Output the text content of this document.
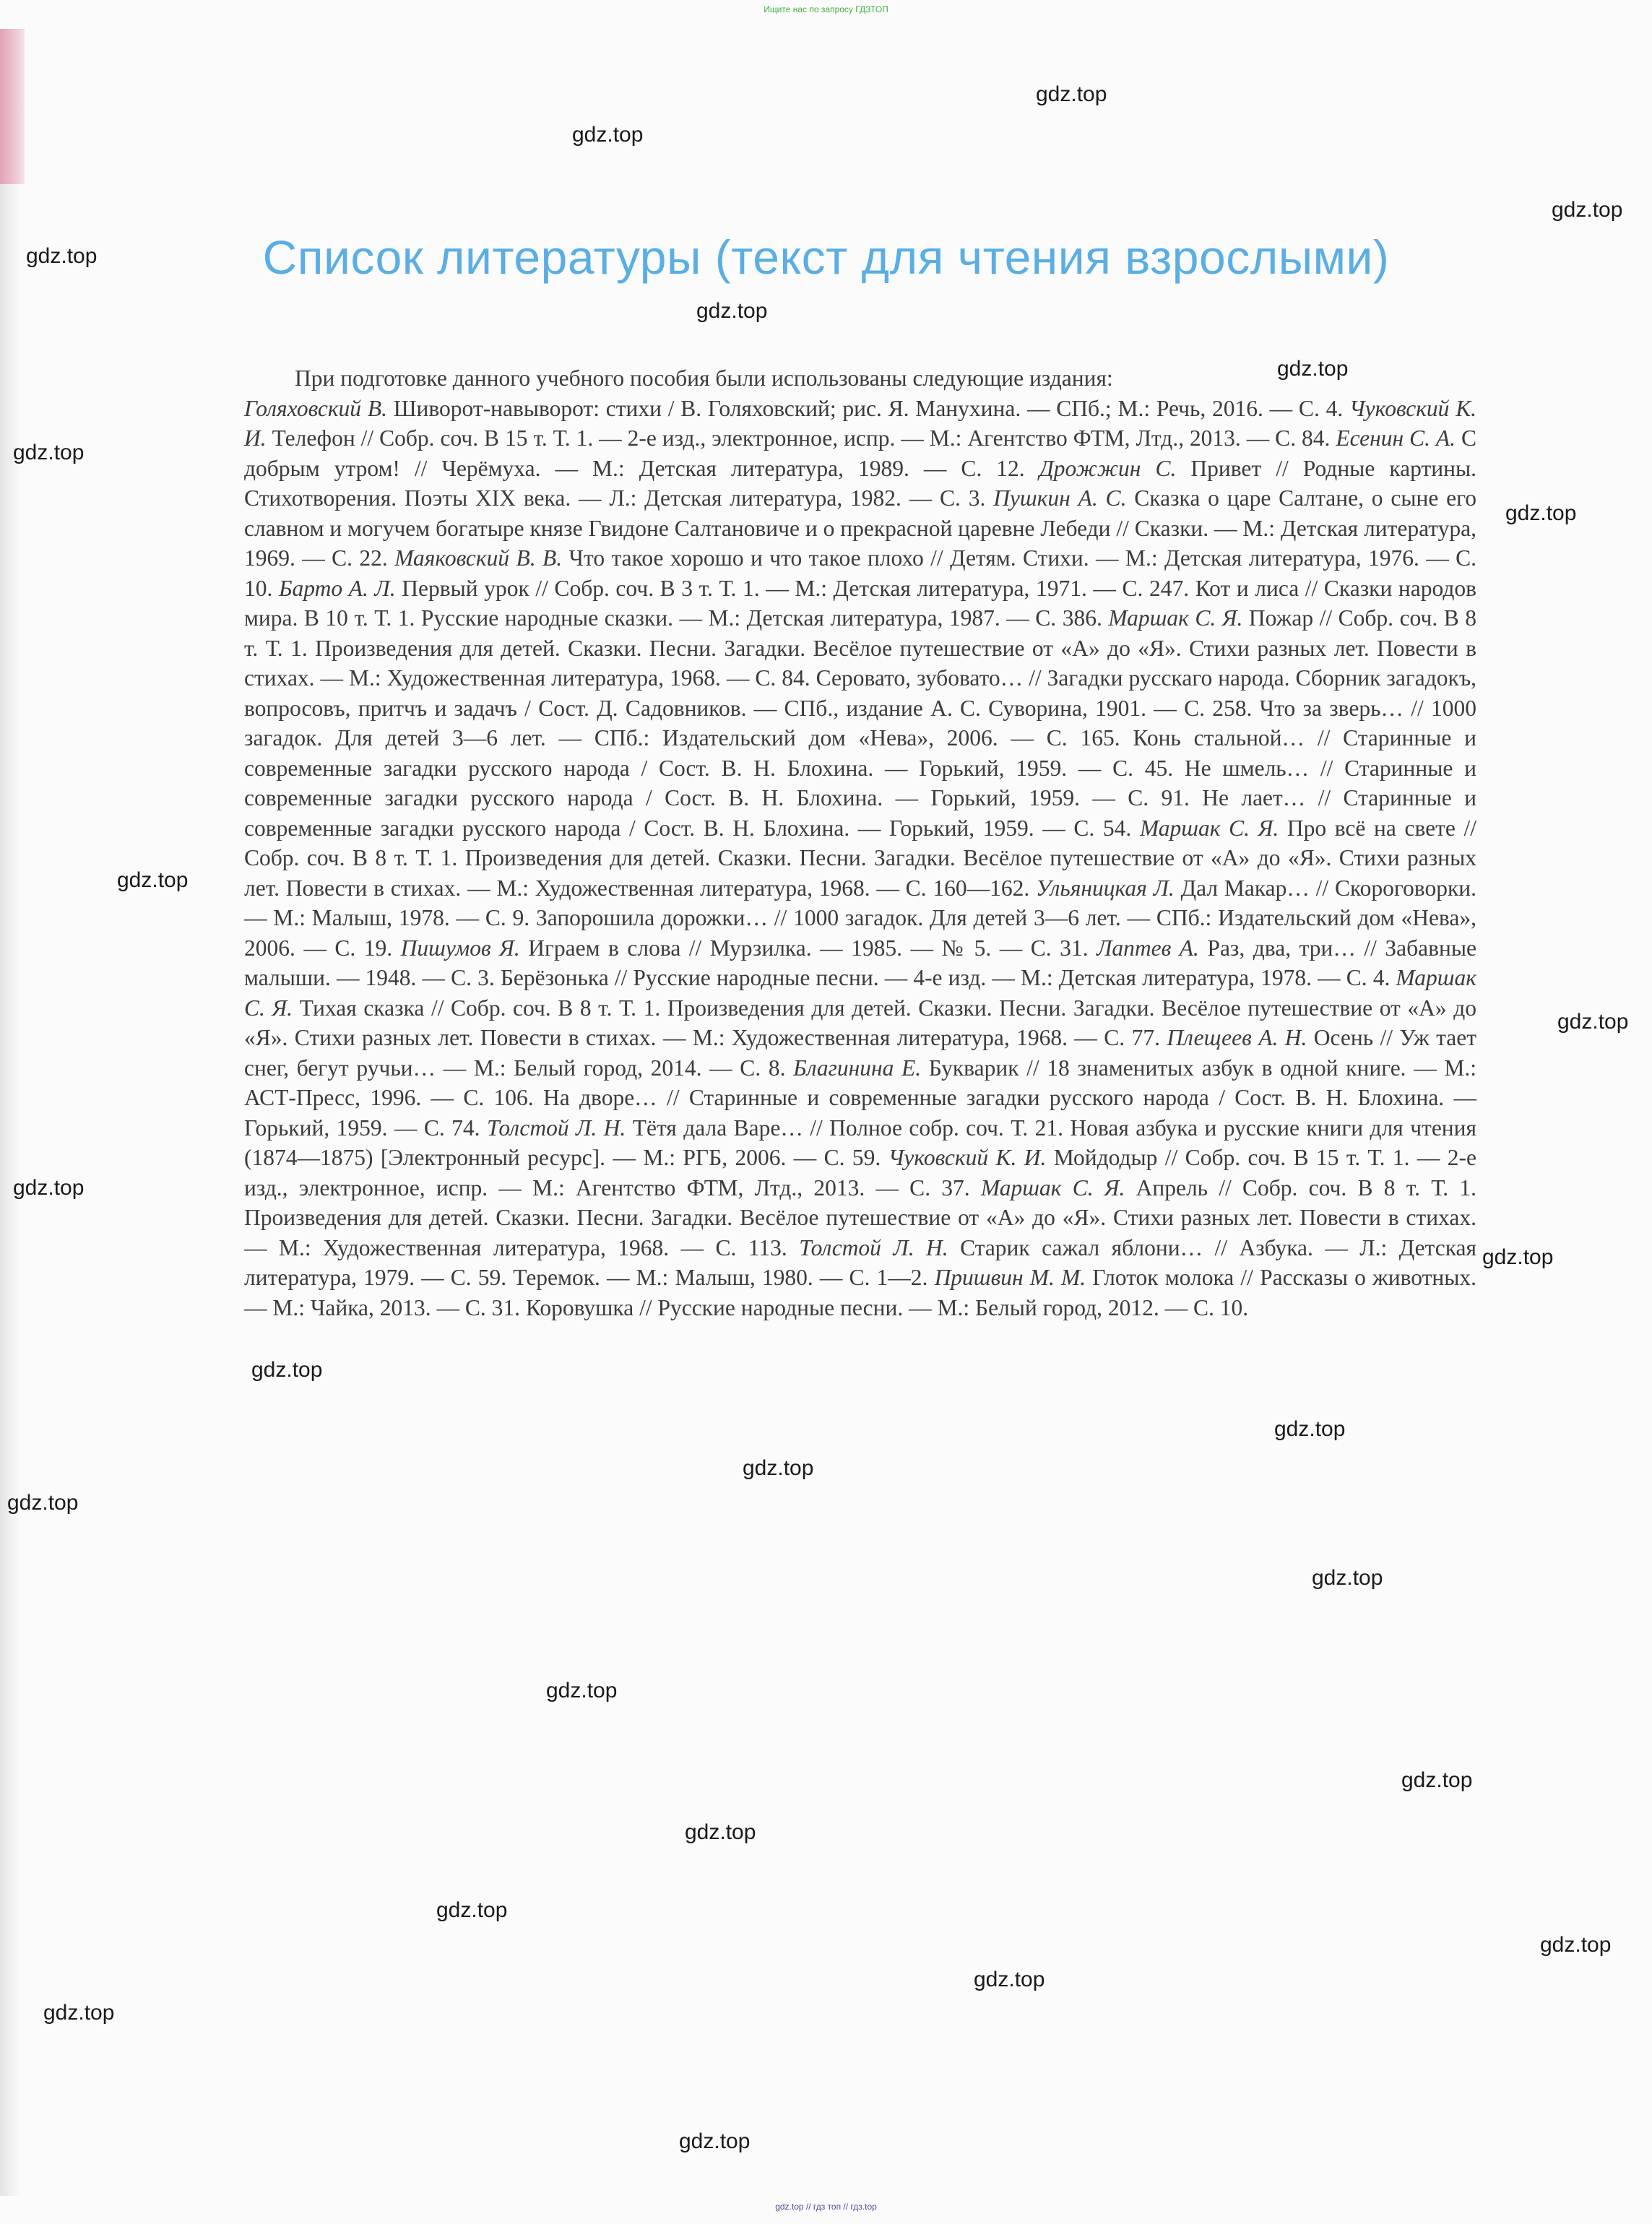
Ищите нас по запросу ГДЗТОП
Список литературы (текст для чтения взрослыми)

При подготовке данного учебного пособия были использованы следующие издания:

Голяховский В. Шиворот-навыворот: стихи / В. Голяховский; рис. Я. Манухина. — СПб.; М.: Речь, 2016. — С. 4. Чуковский К. И. Телефон // Собр. соч. В 15 т. Т. 1. — 2-е изд., электронное, испр. — М.: Агентство ФТМ, Лтд., 2013. — С. 84. Есенин С. А. С добрым утром! // Черёмуха. — М.: Детская литература, 1989. — С. 12. Дрожжин С. Привет // Родные картины. Стихотворения. Поэты XIX века. — Л.: Детская литература, 1982. — С. 3. Пушкин А. С. Сказка о царе Салтане, о сыне его славном и могучем богатыре князе Гвидоне Салтановиче и о прекрасной царевне Лебеди // Сказки. — М.: Детская литература, 1969. — С. 22. Маяковский В. В. Что такое хорошо и что такое плохо // Детям. Стихи. — М.: Детская литература, 1976. — С. 10. Барто А. Л. Первый урок // Собр. соч. В 3 т. Т. 1. — М.: Детская литература, 1971. — С. 247. Кот и лиса // Сказки народов мира. В 10 т. Т. 1. Русские народные сказки. — М.: Детская литература, 1987. — С. 386. Маршак С. Я. Пожар // Собр. соч. В 8 т. Т. 1. Произведения для детей. Сказки. Песни. Загадки. Весёлое путешествие от «А» до «Я». Стихи разных лет. Повести в стихах. — М.: Художественная литература, 1968. — С. 84. Серовато, зубовато… // Загадки русскаго народа. Сборник загадокъ, вопросовъ, притчъ и задачъ / Сост. Д. Садовников. — СПб., издание А. С. Суворина, 1901. — С. 258. Что за зверь… // 1000 загадок. Для детей 3—6 лет. — СПб.: Издательский дом «Нева», 2006. — С. 165. Конь стальной… // Старинные и современные загадки русского народа / Сост. В. Н. Блохина. — Горький, 1959. — С. 45. Не шмель… // Старинные и современные загадки русского народа / Сост. В. Н. Блохина. — Горький, 1959. — С. 91. Не лает… // Старинные и современные загадки русского народа / Сост. В. Н. Блохина. — Горький, 1959. — С. 54. Маршак С. Я. Про всё на свете // Собр. соч. В 8 т. Т. 1. Произведения для детей. Сказки. Песни. Загадки. Весёлое путешествие от «А» до «Я». Стихи разных лет. Повести в стихах. — М.: Художественная литература, 1968. — С. 160—162. Ульяницкая Л. Дал Макар… // Скороговорки. — М.: Малыш, 1978. — С. 9. Запорошила дорожки… // 1000 загадок. Для детей 3—6 лет. — СПб.: Издательский дом «Нева», 2006. — С. 19. Пишумов Я. Играем в слова // Мурзилка. — 1985. — № 5. — С. 31. Лаптев А. Раз, два, три… // Забавные малыши. — 1948. — С. 3. Берёзонька // Русские народные песни. — 4-е изд. — М.: Детская литература, 1978. — С. 4. Маршак С. Я. Тихая сказка // Собр. соч. В 8 т. Т. 1. Произведения для детей. Сказки. Песни. Загадки. Весёлое путешествие от «А» до «Я». Стихи разных лет. Повести в стихах. — М.: Художественная литература, 1968. — С. 77. Плещеев А. Н. Осень // Уж тает снег, бегут ручьи… — М.: Белый город, 2014. — С. 8. Благинина Е. Букварик // 18 знаменитых азбук в одной книге. — М.: АСТ-Пресс, 1996. — С. 106. На дворе… // Старинные и современные загадки русского народа / Сост. В. Н. Блохина. — Горький, 1959. — С. 74. Толстой Л. Н. Тётя дала Варе… // Полное собр. соч. Т. 21. Новая азбука и русские книги для чтения (1874—1875) [Электронный ресурс]. — М.: РГБ, 2006. — С. 59. Чуковский К. И. Мойдодыр // Собр. соч. В 15 т. Т. 1. — 2-е изд., электронное, испр. — М.: Агентство ФТМ, Лтд., 2013. — С. 37. Маршак С. Я. Апрель // Собр. соч. В 8 т. Т. 1. Произведения для детей. Сказки. Песни. Загадки. Весёлое путешествие от «А» до «Я». Стихи разных лет. Повести в стихах. — М.: Художественная литература, 1968. — С. 113. Толстой Л. Н. Старик сажал яблони… // Азбука. — Л.: Детская литература, 1979. — С. 59. Теремок. — М.: Малыш, 1980. — С. 1—2. Пришвин М. М. Глоток молока // Рассказы о животных. — М.: Чайка, 2013. — С. 31. Коровушка // Русские народные песни. — М.: Белый город, 2012. — С. 10.

gdz.top
gdz.top
gdz.top
gdz.top
gdz.top
gdz.top
gdz.top
gdz.top
gdz.top
gdz.top
gdz.top
gdz.top
gdz.top
gdz.top
gdz.top
gdz.top
gdz.top
gdz.top
gdz.top
gdz.top
gdz.top
gdz.top
gdz.top
gdz.top
gdz.top
gdz.top // гдз топ // гдз.top
